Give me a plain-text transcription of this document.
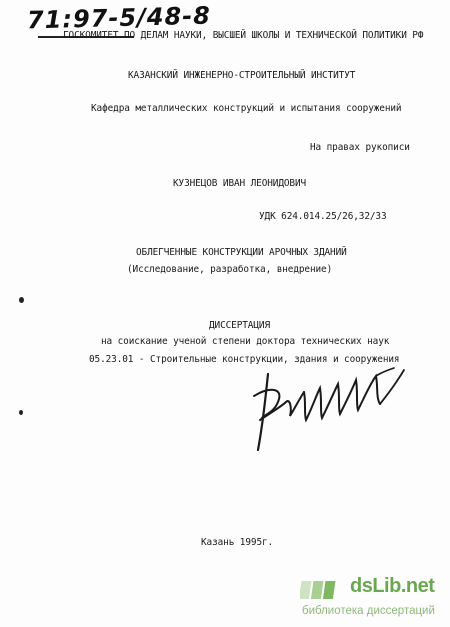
71:97-5/48-8
ГОСКОМИТЕТ ПО ДЕЛАМ НАУКИ, ВЫСШЕЙ ШКОЛЫ И ТЕХНИЧЕСКОЙ ПОЛИТИКИ РФ
КАЗАНСКИЙ ИНЖЕНЕРНО-СТРОИТЕЛЬНЫЙ ИНСТИТУТ
Кафедра металлических конструкций и испытания сооружений
На правах рукописи
КУЗНЕЦОВ ИВАН ЛЕОНИДОВИЧ
УДК 624.014.25/26,32/33
ОБЛЕГЧЕННЫЕ КОНСТРУКЦИИ АРОЧНЫХ ЗДАНИЙ
(Исследование, разработка, внедрение)
ДИССЕРТАЦИЯ
на соискание ученой степени доктора технических наук
05.23.01 - Строительные конструкции, здания и сооружения
Казань 1995г.
dsLib.net
библиотека диссертаций
